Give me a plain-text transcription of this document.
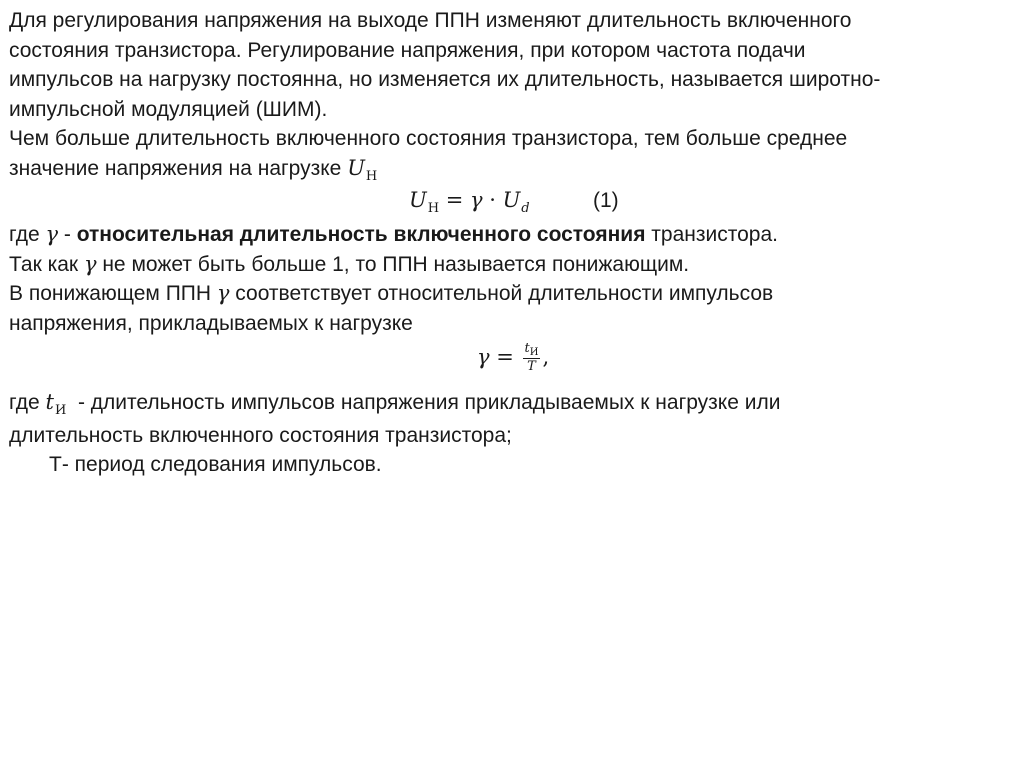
Для регулирования напряжения на выходе ППН изменяют длительность включенного
состояния транзистора. Регулирование напряжения, при котором частота подачи
импульсов на нагрузку постоянна, но изменяется их длительность, называется широтно-
импульсной модуляцией (ШИМ).
Чем больше длительность включенного состояния транзистора, тем больше среднее
значение напряжения на нагрузке $U_Н$
$U_Н = \gamma \cdot U_d$	(1)
где γ - относительная длительность включенного состояния транзистора.
Так как γ не может быть больше 1, то ППН называется понижающим.
В понижающем ППН γ соответствует относительной длительности импульсов
напряжения, прикладываемых к нагрузке
$\gamma = \frac{t_И}{T}$ ,
где $t_И$  - длительность импульсов напряжения прикладываемых к нагрузке или
длительность включенного состояния транзистора;
Т- период следования импульсов.
